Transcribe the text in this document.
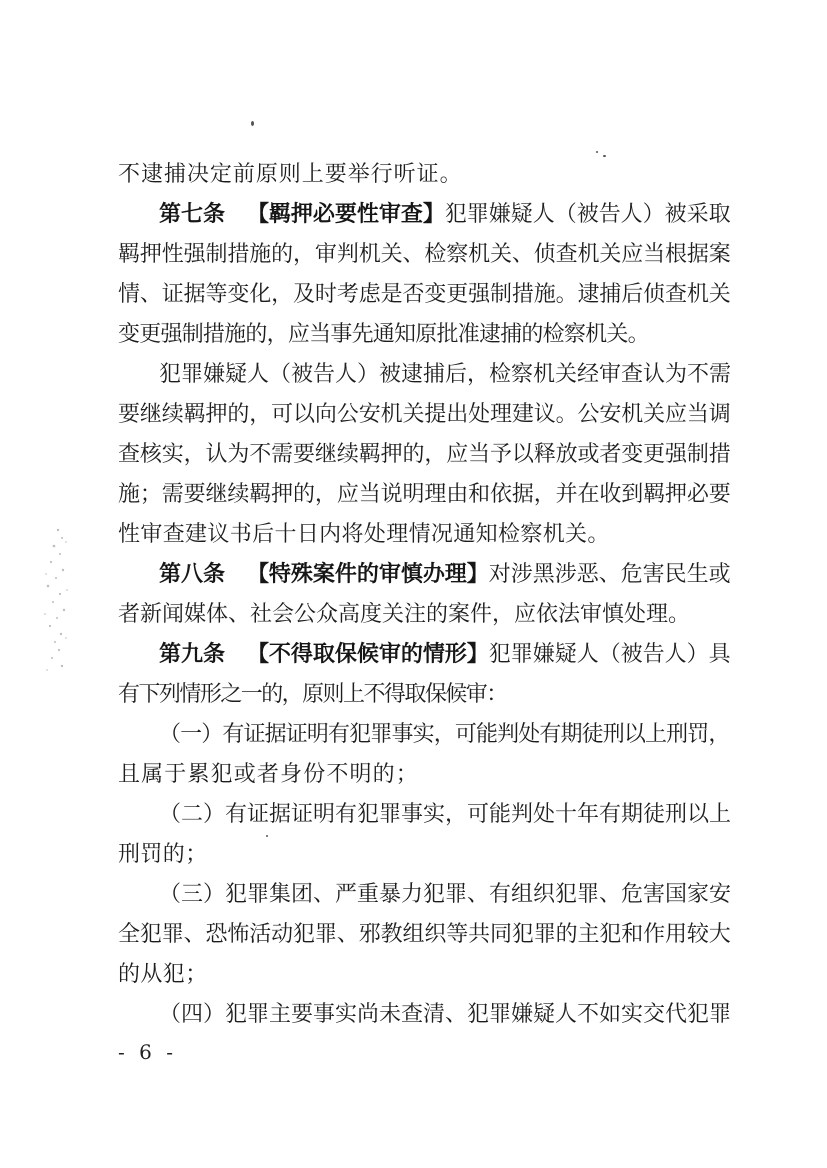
不逮捕决定前原则上要举行听证。
第七条 【羁押必要性审查】犯罪嫌疑人（被告人）被采取
羁押性强制措施的，审判机关、检察机关、侦查机关应当根据案
情、证据等变化，及时考虑是否变更强制措施。逮捕后侦查机关
变更强制措施的，应当事先通知原批准逮捕的检察机关。
犯罪嫌疑人（被告人）被逮捕后，检察机关经审查认为不需
要继续羁押的，可以向公安机关提出处理建议。公安机关应当调
查核实，认为不需要继续羁押的，应当予以释放或者变更强制措
施；需要继续羁押的，应当说明理由和依据，并在收到羁押必要
性审查建议书后十日内将处理情况通知检察机关。
第八条 【特殊案件的审慎办理】对涉黑涉恶、危害民生或
者新闻媒体、社会公众高度关注的案件，应依法审慎处理。
第九条 【不得取保候审的情形】犯罪嫌疑人（被告人）具
有下列情形之一的，原则上不得取保候审：
（一）有证据证明有犯罪事实，可能判处有期徒刑以上刑罚，
且属于累犯或者身份不明的；
（二）有证据证明有犯罪事实，可能判处十年有期徒刑以上
刑罚的；
（三）犯罪集团、严重暴力犯罪、有组织犯罪、危害国家安
全犯罪、恐怖活动犯罪、邪教组织等共同犯罪的主犯和作用较大
的从犯；
（四）犯罪主要事实尚未查清、犯罪嫌疑人不如实交代犯罪
- 6 -
